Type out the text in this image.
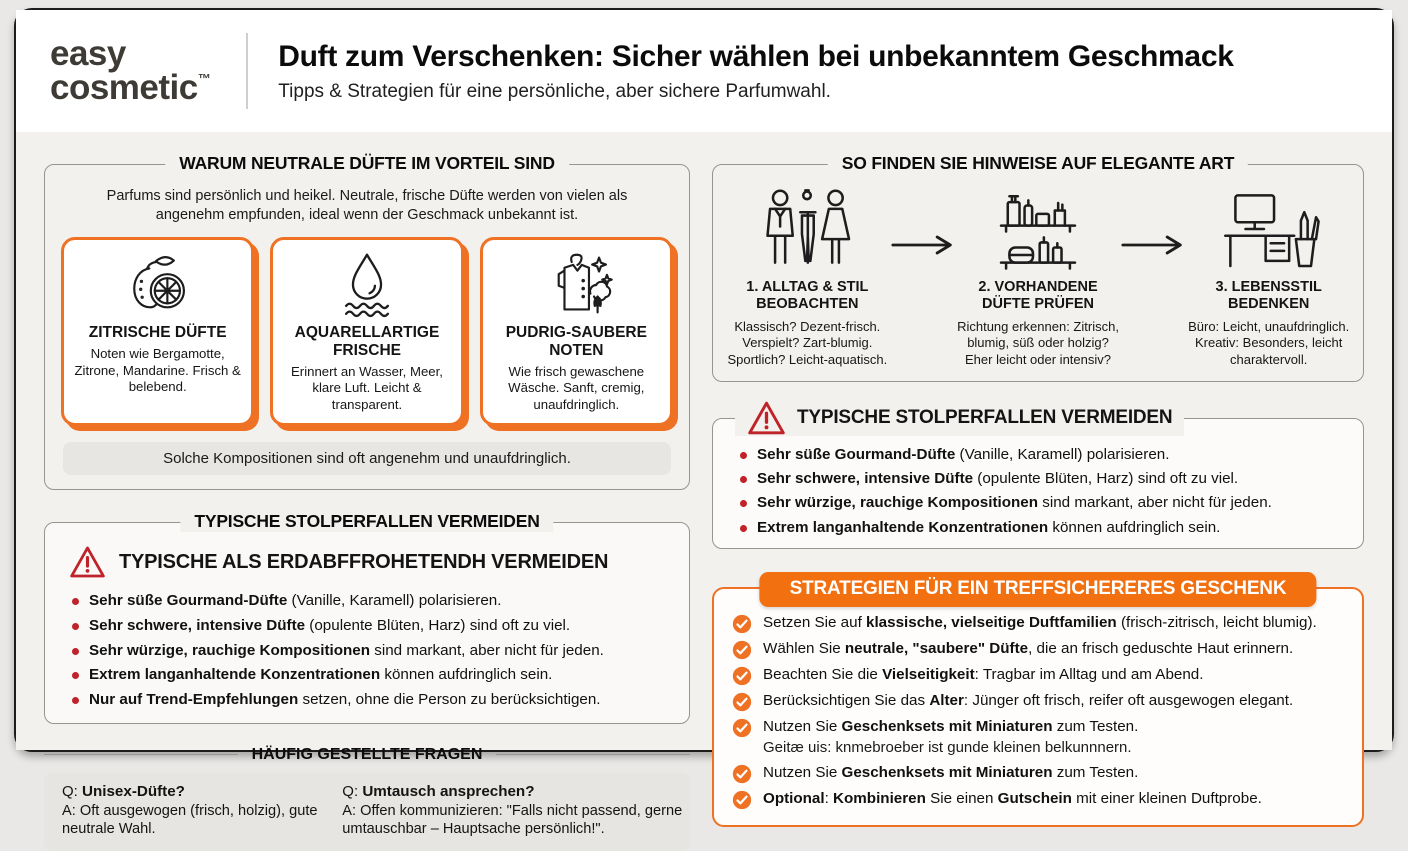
easy
cosmetic™
Duft zum Verschenken: Sicher wählen bei unbekanntem Geschmack
Tipps & Strategien für eine persönliche, aber sichere Parfumwahl.
WARUM NEUTRALE DÜFTE IM VORTEIL SIND

Parfums sind persönlich und heikel. Neutrale, frische Düfte werden von vielen als angenehm empfunden, ideal wenn der Geschmack unbekannt ist.

ZITRISCHE DÜFTE
Noten wie Bergamotte, Zitrone, Mandarine. Frisch & belebend.
AQUARELLARTIGE FRISCHE
Erinnert an Wasser, Meer, klare Luft. Leicht & transparent.
PUDRIG-SAUBERE NOTEN
Wie frisch gewaschene Wäsche. Sanft, cremig, unaufdringlich.
Solche Kompositionen sind oft angenehm und unaufdringlich.
TYPISCHE STOLPERFALLEN VERMEIDEN
TYPISCHE ALS ERDABFFROHETENDH VERMEIDEN
Sehr süße Gourmand-Düfte (Vanille, Karamell) polarisieren.
Sehr schwere, intensive Düfte (opulente Blüten, Harz) sind oft zu viel.
Sehr würzige, rauchige Kompositionen sind markant, aber nicht für jeden.
Extrem langanhaltende Konzentrationen können aufdringlich sein.
Nur auf Trend-Empfehlungen setzen, ohne die Person zu berücksichtigen.
HÄUFIG GESTELLTE FRAGEN
Q: Unisex-Düfte?
A: Oft ausgewogen (frisch, holzig), gute neutrale Wahl.
Q: Umtausch ansprechen?
A: Offen kommunizieren: "Falls nicht passend, gerne umtauschbar – Hauptsache persönlich!".
SO FINDEN SIE HINWEISE AUF ELEGANTE ART
1. ALLTAG & STIL BEOBACHTEN
Klassisch? Dezent-frisch. Verspielt? Zart-blumig. Sportlich? Leicht-aquatisch.
2. VORHANDENE DÜFTE PRÜFEN
Richtung erkennen: Zitrisch, blumig, süß oder holzig? Eher leicht oder intensiv?
3. LEBENSSTIL BEDENKEN
Büro: Leicht, unaufdringlich. Kreativ: Besonders, leicht charaktervoll.
TYPISCHE STOLPERFALLEN VERMEIDEN
Sehr süße Gourmand-Düfte (Vanille, Karamell) polarisieren.
Sehr schwere, intensive Düfte (opulente Blüten, Harz) sind oft zu viel.
Sehr würzige, rauchige Kompositionen sind markant, aber nicht für jeden.
Extrem langanhaltende Konzentrationen können aufdringlich sein.
STRATEGIEN FÜR EIN TREFFSICHERERES GESCHENK
Setzen Sie auf klassische, vielseitige Duftfamilien (frisch-zitrisch, leicht blumig).
Wählen Sie neutrale, "saubere" Düfte, die an frisch geduschte Haut erinnern.
Beachten Sie die Vielseitigkeit: Tragbar im Alltag und am Abend.
Berücksichtigen Sie das Alter: Jünger oft frisch, reifer oft ausgewogen elegant.
Nutzen Sie Geschenksets mit Miniaturen zum Testen.
Geitæ uis: knmebroeber ist gunde kleinen belkunnnern.
Nutzen Sie Geschenksets mit Miniaturen zum Testen.
Optional: Kombinieren Sie einen Gutschein mit einer kleinen Duftprobe.
